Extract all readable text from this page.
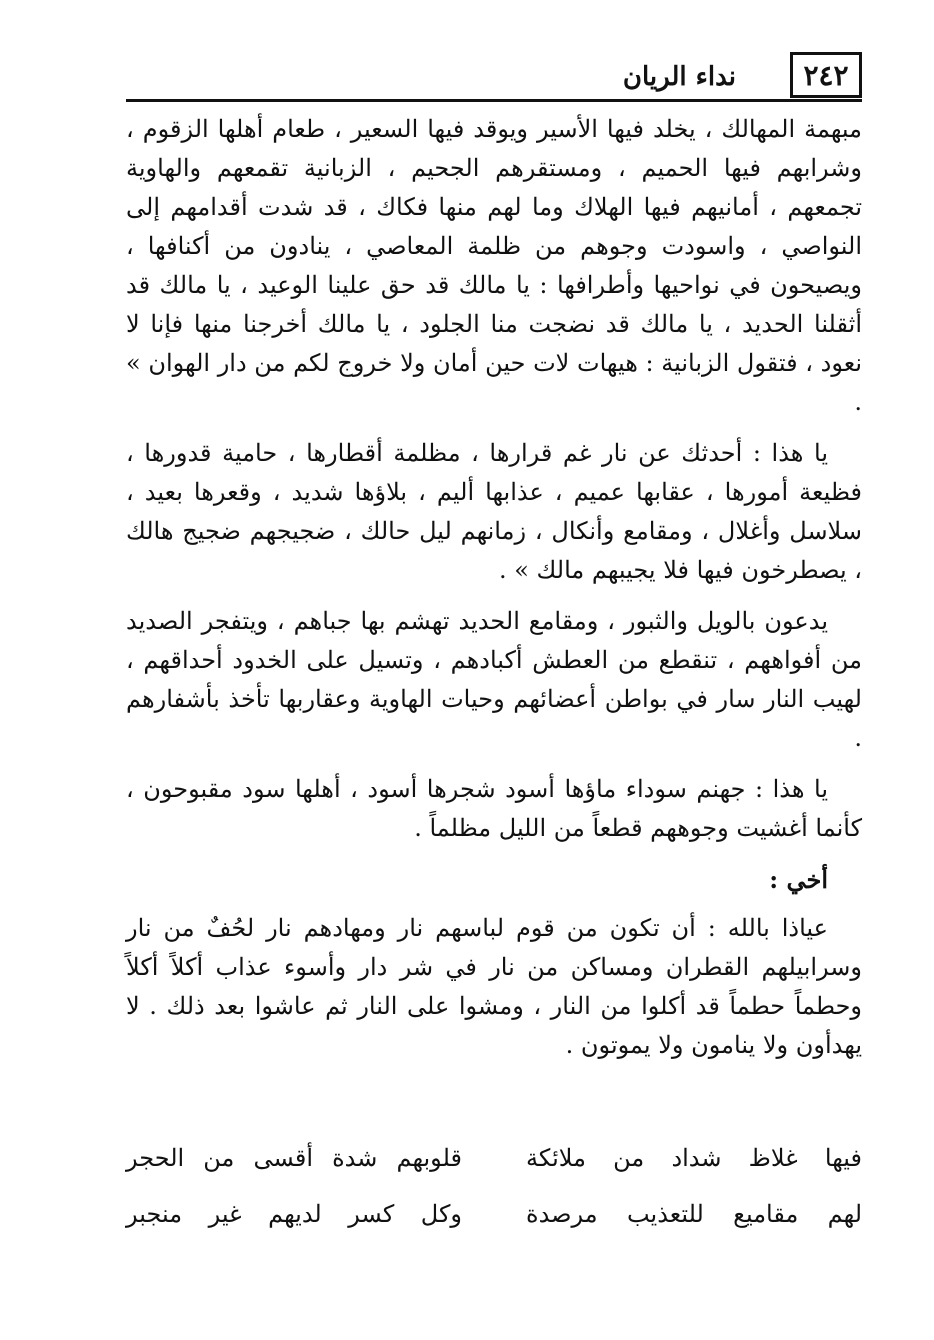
٢٤٢
نداء الريان

مبهمة المهالك ، يخلد فيها الأسير ويوقد فيها السعير ، طعام أهلها الزقوم ، وشرابهم فيها الحميم ، ومستقرهم الجحيم ، الزبانية تقمعهم والهاوية تجمعهم ، أمانيهم فيها الهلاك وما لهم منها فكاك ، قد شدت أقدامهم إلى النواصي ، واسودت وجوهم من ظلمة المعاصي ، ينادون من أكنافها ، ويصيحون في نواحيها وأطرافها : يا مالك قد حق علينا الوعيد ، يا مالك قد أثقلنا الحديد ، يا مالك قد نضجت منا الجلود ، يا مالك أخرجنا منها فإنا لا نعود ، فتقول الزبانية : هيهات لات حين أمان ولا خروج لكم من دار الهوان » .

يا هذا : أحدثك عن نار غم قرارها ، مظلمة أقطارها ، حامية قدورها ، فظيعة أمورها ، عقابها عميم ، عذابها أليم ، بلاؤها شديد ، وقعرها بعيد ، سلاسل وأغلال ، ومقامع وأنكال ، زمانهم ليل حالك ، ضجيجهم ضجيج هالك ، يصطرخون فيها فلا يجيبهم مالك » .

يدعون بالويل والثبور ، ومقامع الحديد تهشم بها جباهم ، ويتفجر الصديد من أفواههم ، تنقطع من العطش أكبادهم ، وتسيل على الخدود أحداقهم ، لهيب النار سار في بواطن أعضائهم وحيات الهاوية وعقاربها تأخذ بأشفارهم .

يا هذا : جهنم سوداء ماؤها أسود شجرها أسود ، أهلها سود مقبوحون ، كأنما أغشيت وجوههم قطعاً من الليل مظلماً .

أخي :

عياذا بالله : أن تكون من قوم لباسهم نار ومهادهم نار لحُفٌ من نار وسرابيلهم القطران ومساكن من نار في شر دار وأسوء عذاب أكلاً أكلاً وحطماً حطماً قد أكلوا من النار ، ومشوا على النار ثم عاشوا بعد ذلك . لا يهدأون ولا ينامون ولا يموتون .

فيها غلاظ شداد من ملائكة
قلوبهم شدة أقسى من الحجر
لهم مقاميع للتعذيب مرصدة
وكل كسر لديهم غير منجبر
